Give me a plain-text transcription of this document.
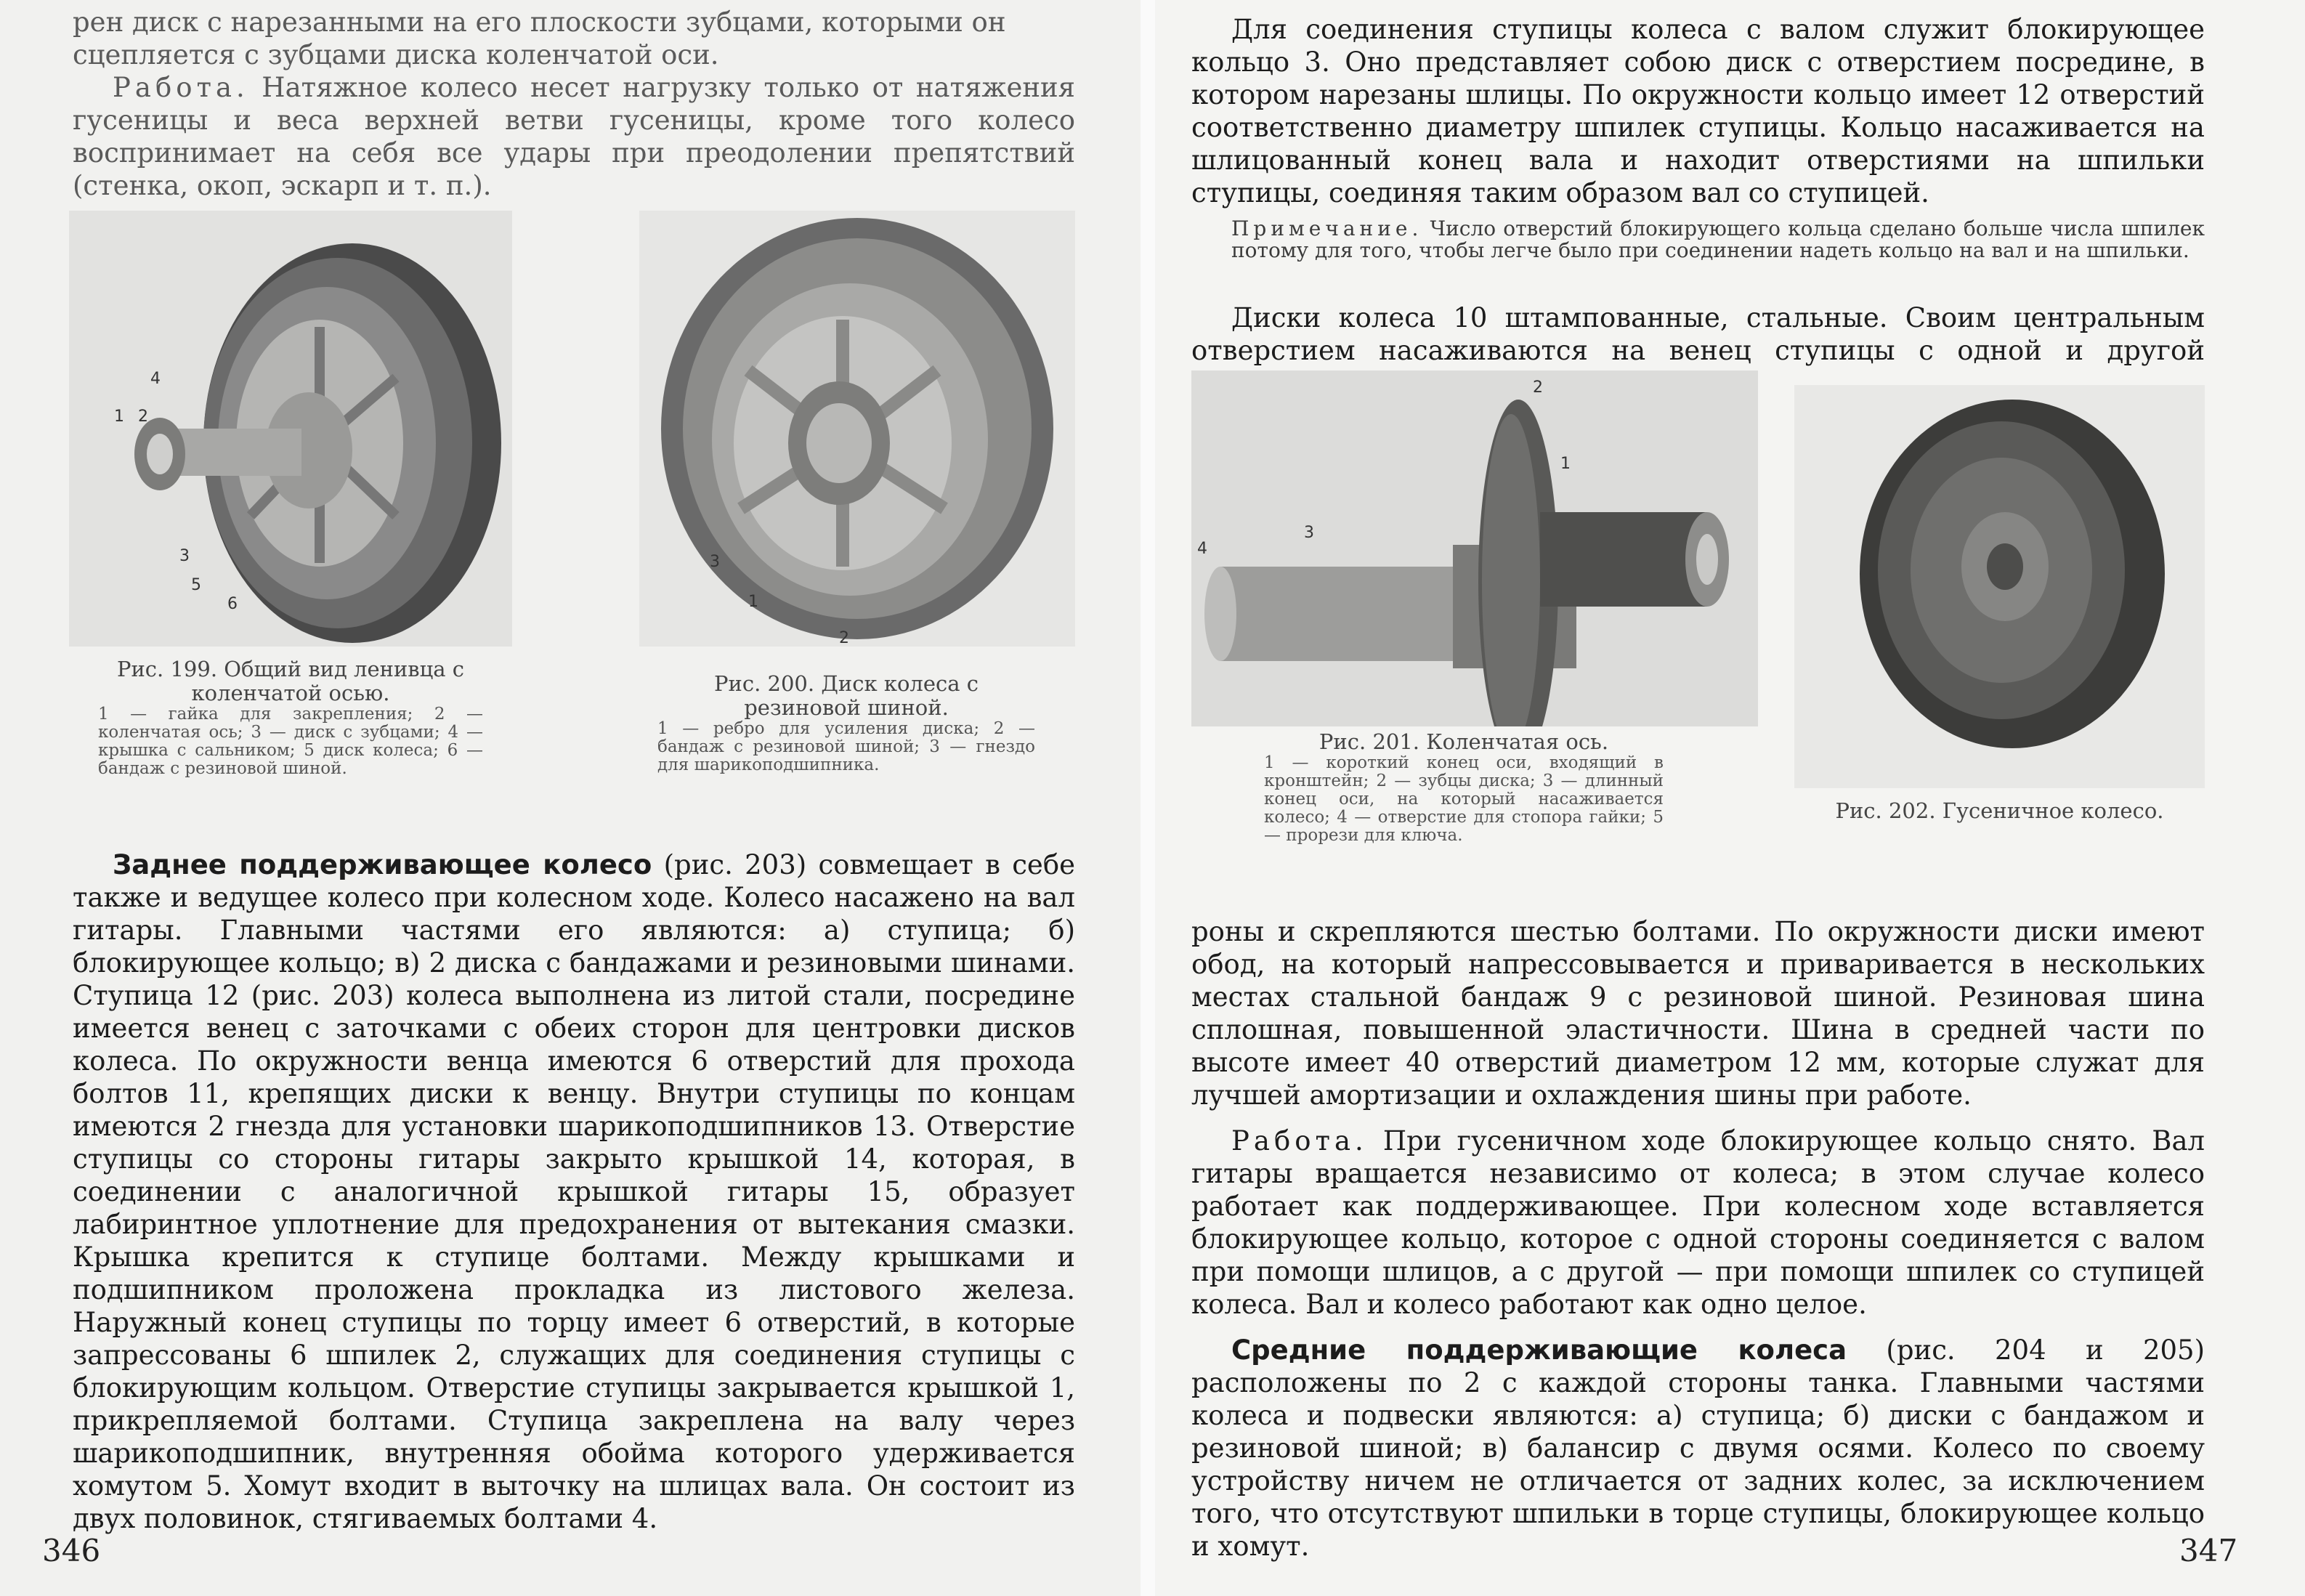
рен диск с нарезанными на его плоскости зубцами, которыми он

сцепляется с зубцами диска коленчатой оси.

Работа. Натяжное колесо несет нагрузку только от натяжения гусеницы и веса верхней ветви гусеницы, кроме того колесо воспринимает на себя все удары при преодолении препятствий (стенка, окоп, эскарп и т. п.).

4
1 2
3
5
6

Рис. 199. Общий вид ленивца с коленчатой осью.

1 — гайка для закрепления; 2 — коленчатая ось; 3 — диск с зубцами; 4 — крышка с сальником; 5 диск колеса; 6 — бандаж с резиновой шиной.

3
1
2

Рис. 200. Диск колеса с резиновой шиной.

1 — ребро для усиления диска; 2 — бандаж с резиновой шиной; 3 — гнездо для шарикоподшипника.

Заднее поддерживающее колесо (рис. 203) совмещает в себе также и ведущее колесо при колесном ходе. Колесо насажено на вал гитары. Главными частями его являются: а) ступица; б) блокирующее кольцо; в) 2 диска с бандажами и резиновыми шинами. Ступица 12 (рис. 203) колеса выполнена из литой стали, посредине имеется венец с заточками с обеих сторон для центровки дисков колеса. По окружности венца имеются 6 отверстий для прохода болтов 11, крепящих диски к венцу. Внутри ступицы по концам имеются 2 гнезда для установки шарикоподшипников 13. Отверстие ступицы со стороны гитары закрыто крышкой 14, которая, в соединении с аналогичной крышкой гитары 15, образует лабиринтное уплотнение для предохранения от вытекания смазки. Крышка крепится к ступице болтами. Между крышками и подшипником проложена прокладка из листового железа. Наружный конец ступицы по торцу имеет 6 отверстий, в которые запрессованы 6 шпилек 2, служащих для соединения ступицы с блокирующим кольцом. Отверстие ступицы закрывается крышкой 1, прикрепляемой болтами. Ступица закреплена на валу через шарикоподшипник, внутренняя обойма которого удерживается хомутом 5. Хомут входит в выточку на шлицах вала. Он состоит из двух половинок, стягиваемых болтами 4.

346

Для соединения ступицы колеса с валом служит блокирующее кольцо 3. Оно представляет собою диск с отверстием посредине, в котором нарезаны шлицы. По окружности кольцо имеет 12 отверстий соответственно диаметру шпилек ступицы. Кольцо насаживается на шлицованный конец вала и находит отверстиями на шпильки ступицы, соединяя таким образом вал со ступицей.

Примечание. Число отверстий блокирующего кольца сделано больше числа шпилек потому для того, чтобы легче было при соединении надеть кольцо на вал и на шпильки.

Диски колеса 10 штампованные, стальные. Своим центральным отверстием насаживаются на венец ступицы с одной и другой

2
1
3
4

Рис. 201. Коленчатая ось.

1 — короткий конец оси, входящий в кронштейн; 2 — зубцы диска; 3 — длинный конец оси, на который насаживается колесо; 4 — отверстие для стопора гайки; 5 — прорези для ключа.

Рис. 202. Гусеничное колесо.

роны и скрепляются шестью болтами. По окружности диски имеют обод, на который напрессовывается и приваривается в нескольких местах стальной бандаж 9 с резиновой шиной. Резиновая шина сплошная, повышенной эластичности. Шина в средней части по высоте имеет 40 отверстий диаметром 12 мм, которые служат для лучшей амортизации и охлаждения шины при работе.

Работа. При гусеничном ходе блокирующее кольцо снято. Вал гитары вращается независимо от колеса; в этом случае колесо работает как поддерживающее. При колесном ходе вставляется блокирующее кольцо, которое с одной стороны соединяется с валом при помощи шлицов, а с другой — при помощи шпилек со ступицей колеса. Вал и колесо работают как одно целое.

Средние поддерживающие колеса (рис. 204 и 205) расположены по 2 с каждой стороны танка. Главными частями колеса и подвески являются: а) ступица; б) диски с бандажом и резиновой шиной; в) балансир с двумя осями. Колесо по своему устройству ничем не отличается от задних колес, за исключением того, что отсутствуют шпильки в торце ступицы, блокирующее кольцо и хомут.	347
